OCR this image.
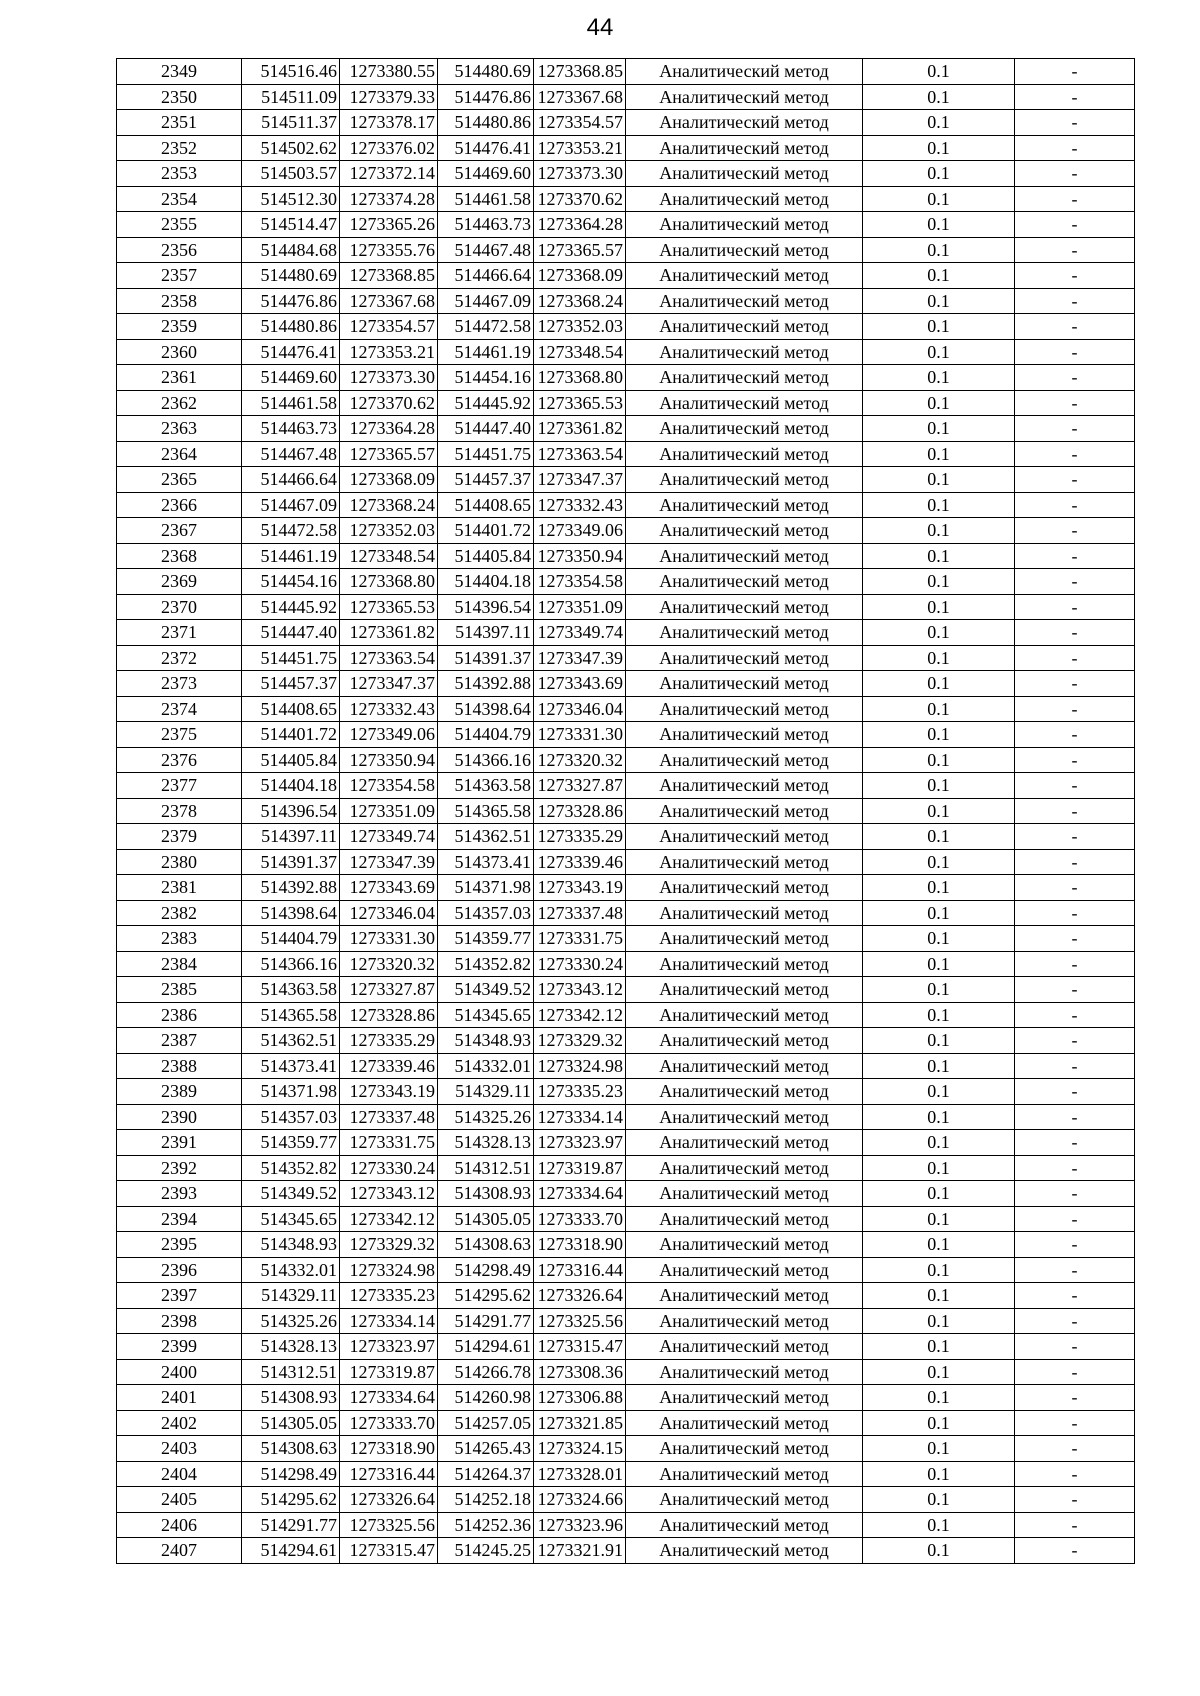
44
2349	514516.46	1273380.55	514480.69	1273368.85	Аналитический метод	0.1	-
2350	514511.09	1273379.33	514476.86	1273367.68	Аналитический метод	0.1	-
2351	514511.37	1273378.17	514480.86	1273354.57	Аналитический метод	0.1	-
2352	514502.62	1273376.02	514476.41	1273353.21	Аналитический метод	0.1	-
2353	514503.57	1273372.14	514469.60	1273373.30	Аналитический метод	0.1	-
2354	514512.30	1273374.28	514461.58	1273370.62	Аналитический метод	0.1	-
2355	514514.47	1273365.26	514463.73	1273364.28	Аналитический метод	0.1	-
2356	514484.68	1273355.76	514467.48	1273365.57	Аналитический метод	0.1	-
2357	514480.69	1273368.85	514466.64	1273368.09	Аналитический метод	0.1	-
2358	514476.86	1273367.68	514467.09	1273368.24	Аналитический метод	0.1	-
2359	514480.86	1273354.57	514472.58	1273352.03	Аналитический метод	0.1	-
2360	514476.41	1273353.21	514461.19	1273348.54	Аналитический метод	0.1	-
2361	514469.60	1273373.30	514454.16	1273368.80	Аналитический метод	0.1	-
2362	514461.58	1273370.62	514445.92	1273365.53	Аналитический метод	0.1	-
2363	514463.73	1273364.28	514447.40	1273361.82	Аналитический метод	0.1	-
2364	514467.48	1273365.57	514451.75	1273363.54	Аналитический метод	0.1	-
2365	514466.64	1273368.09	514457.37	1273347.37	Аналитический метод	0.1	-
2366	514467.09	1273368.24	514408.65	1273332.43	Аналитический метод	0.1	-
2367	514472.58	1273352.03	514401.72	1273349.06	Аналитический метод	0.1	-
2368	514461.19	1273348.54	514405.84	1273350.94	Аналитический метод	0.1	-
2369	514454.16	1273368.80	514404.18	1273354.58	Аналитический метод	0.1	-
2370	514445.92	1273365.53	514396.54	1273351.09	Аналитический метод	0.1	-
2371	514447.40	1273361.82	514397.11	1273349.74	Аналитический метод	0.1	-
2372	514451.75	1273363.54	514391.37	1273347.39	Аналитический метод	0.1	-
2373	514457.37	1273347.37	514392.88	1273343.69	Аналитический метод	0.1	-
2374	514408.65	1273332.43	514398.64	1273346.04	Аналитический метод	0.1	-
2375	514401.72	1273349.06	514404.79	1273331.30	Аналитический метод	0.1	-
2376	514405.84	1273350.94	514366.16	1273320.32	Аналитический метод	0.1	-
2377	514404.18	1273354.58	514363.58	1273327.87	Аналитический метод	0.1	-
2378	514396.54	1273351.09	514365.58	1273328.86	Аналитический метод	0.1	-
2379	514397.11	1273349.74	514362.51	1273335.29	Аналитический метод	0.1	-
2380	514391.37	1273347.39	514373.41	1273339.46	Аналитический метод	0.1	-
2381	514392.88	1273343.69	514371.98	1273343.19	Аналитический метод	0.1	-
2382	514398.64	1273346.04	514357.03	1273337.48	Аналитический метод	0.1	-
2383	514404.79	1273331.30	514359.77	1273331.75	Аналитический метод	0.1	-
2384	514366.16	1273320.32	514352.82	1273330.24	Аналитический метод	0.1	-
2385	514363.58	1273327.87	514349.52	1273343.12	Аналитический метод	0.1	-
2386	514365.58	1273328.86	514345.65	1273342.12	Аналитический метод	0.1	-
2387	514362.51	1273335.29	514348.93	1273329.32	Аналитический метод	0.1	-
2388	514373.41	1273339.46	514332.01	1273324.98	Аналитический метод	0.1	-
2389	514371.98	1273343.19	514329.11	1273335.23	Аналитический метод	0.1	-
2390	514357.03	1273337.48	514325.26	1273334.14	Аналитический метод	0.1	-
2391	514359.77	1273331.75	514328.13	1273323.97	Аналитический метод	0.1	-
2392	514352.82	1273330.24	514312.51	1273319.87	Аналитический метод	0.1	-
2393	514349.52	1273343.12	514308.93	1273334.64	Аналитический метод	0.1	-
2394	514345.65	1273342.12	514305.05	1273333.70	Аналитический метод	0.1	-
2395	514348.93	1273329.32	514308.63	1273318.90	Аналитический метод	0.1	-
2396	514332.01	1273324.98	514298.49	1273316.44	Аналитический метод	0.1	-
2397	514329.11	1273335.23	514295.62	1273326.64	Аналитический метод	0.1	-
2398	514325.26	1273334.14	514291.77	1273325.56	Аналитический метод	0.1	-
2399	514328.13	1273323.97	514294.61	1273315.47	Аналитический метод	0.1	-
2400	514312.51	1273319.87	514266.78	1273308.36	Аналитический метод	0.1	-
2401	514308.93	1273334.64	514260.98	1273306.88	Аналитический метод	0.1	-
2402	514305.05	1273333.70	514257.05	1273321.85	Аналитический метод	0.1	-
2403	514308.63	1273318.90	514265.43	1273324.15	Аналитический метод	0.1	-
2404	514298.49	1273316.44	514264.37	1273328.01	Аналитический метод	0.1	-
2405	514295.62	1273326.64	514252.18	1273324.66	Аналитический метод	0.1	-
2406	514291.77	1273325.56	514252.36	1273323.96	Аналитический метод	0.1	-
2407	514294.61	1273315.47	514245.25	1273321.91	Аналитический метод	0.1	-
